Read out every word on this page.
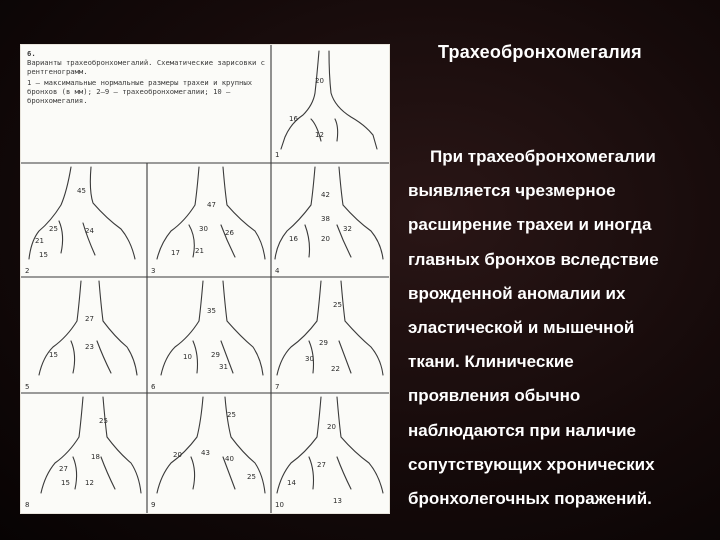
6.
Варианты трахеобронхомегалий. Схематические зарисовки с рентгенограмм.
1 — максимальные нормальные размеры трахеи и крупных бронхов (в мм); 2—9 — трахеобронхомегалии; 10 — бронхомегалия.
2	3	4
1
5	6	7
8	9	10
20
16
12
45
25	24
21
15
47
30 26
21
17
42
38
32
20
16
27
23
15
35
29
31
10
25
29
22
30
25
18
27
15 12
25
43
40
20
25
20
27
14
13
Трахеобронхомегалия
При трахеобронхомегалии
выявляется чрезмерное
расширение трахеи и иногда
главных бронхов вследствие
врожденной аномалии их
эластической и мышечной
ткани. Клинические
проявления обычно
наблюдаются при наличие
сопутствующих хронических
бронхолегочных поражений.
